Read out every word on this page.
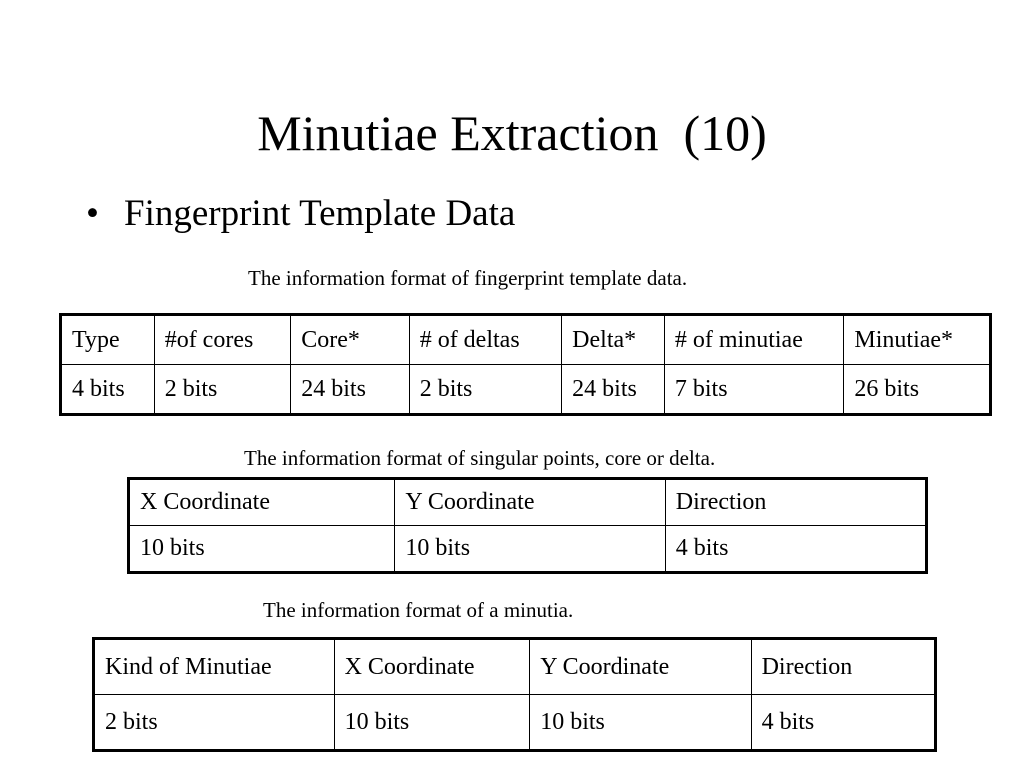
Minutiae Extraction  (10)
• Fingerprint Template Data
The information format of fingerprint template data.
Type	#of cores	Core*	# of deltas	Delta*	# of minutiae	Minutiae*
4 bits	2 bits	24 bits	2 bits	24 bits	7 bits	26 bits
The information format of singular points, core or delta.
X Coordinate	Y Coordinate	Direction
10 bits	10 bits	4 bits
The information format of a minutia.
Kind of Minutiae	X Coordinate	Y Coordinate	Direction
2 bits	10 bits	10 bits	4 bits
